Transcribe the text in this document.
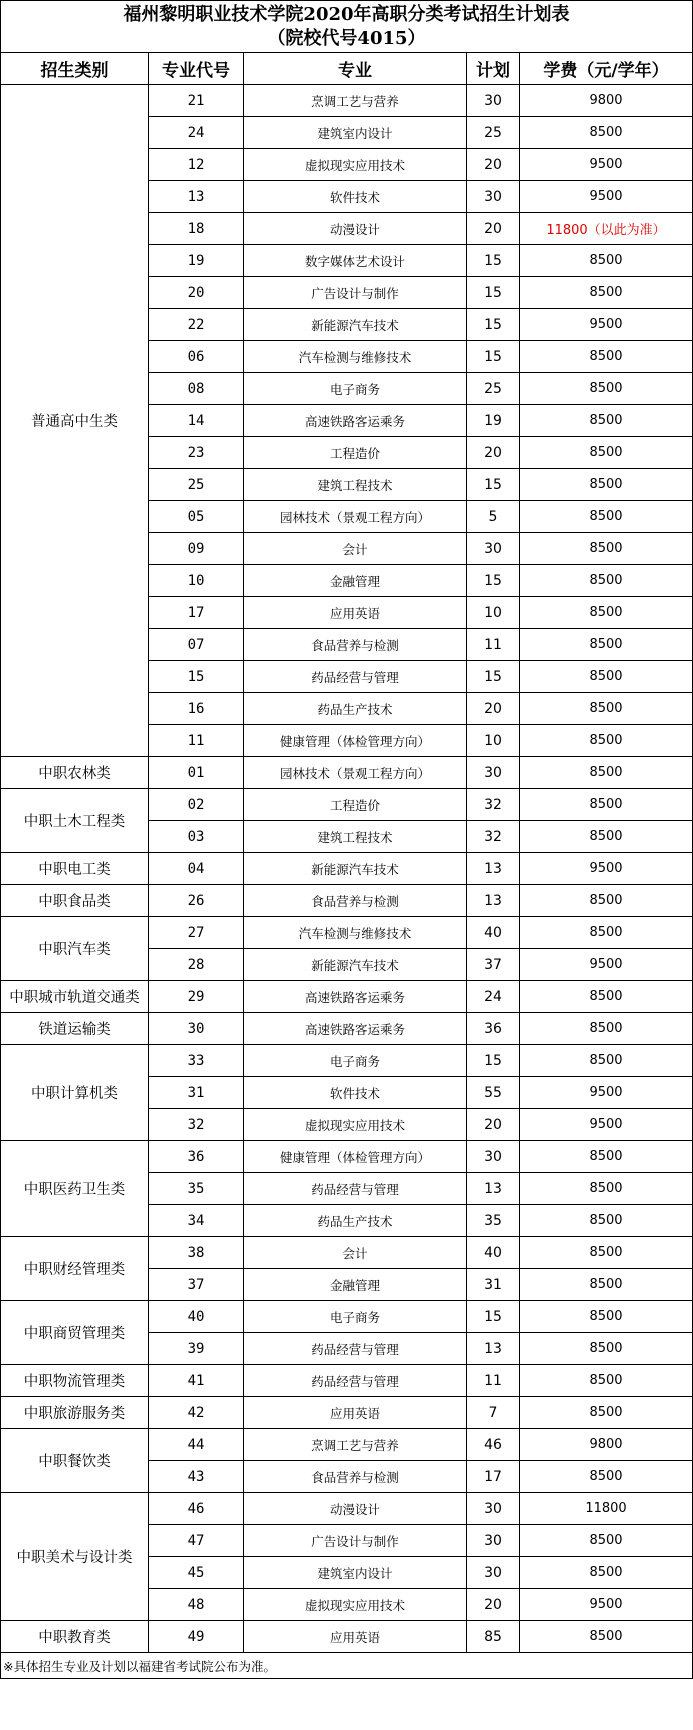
福州黎明职业技术学院2020年高职分类考试招生计划表
（院校代号4015）				

招生类别	专业代号	专业	计划	学费（元/学年）
普通高中生类	21	烹调工艺与营养	30	9800
	24	建筑室内设计	25	8500
	12	虚拟现实应用技术	20	9500
	13	软件技术	30	9500
	18	动漫设计	20	11800（以此为准）
	19	数字媒体艺术设计	15	8500
	20	广告设计与制作	15	8500
	22	新能源汽车技术	15	9500
	06	汽车检测与维修技术	15	8500
	08	电子商务	25	8500
	14	高速铁路客运乘务	19	8500
	23	工程造价	20	8500
	25	建筑工程技术	15	8500
	05	园林技术（景观工程方向）	5	8500
	09	会计	30	8500
	10	金融管理	15	8500
	17	应用英语	10	8500
	07	食品营养与检测	11	8500
	15	药品经营与管理	15	8500
	16	药品生产技术	20	8500
	11	健康管理（体检管理方向）	10	8500
中职农林类	01	园林技术（景观工程方向）	30	8500
中职土木工程类	02	工程造价	32	8500
	03	建筑工程技术	32	8500
中职电工类	04	新能源汽车技术	13	9500
中职食品类	26	食品营养与检测	13	8500
中职汽车类	27	汽车检测与维修技术	40	8500
	28	新能源汽车技术	37	9500
中职城市轨道交通类	29	高速铁路客运乘务	24	8500
铁道运输类	30	高速铁路客运乘务	36	8500
中职计算机类	33	电子商务	15	8500
	31	软件技术	55	9500
	32	虚拟现实应用技术	20	9500
中职医药卫生类	36	健康管理（体检管理方向）	30	8500
	35	药品经营与管理	13	8500
	34	药品生产技术	35	8500
中职财经管理类	38	会计	40	8500
	37	金融管理	31	8500
中职商贸管理类	40	电子商务	15	8500
	39	药品经营与管理	13	8500
中职物流管理类	41	药品经营与管理	11	8500
中职旅游服务类	42	应用英语	7	8500
中职餐饮类	44	烹调工艺与营养	46	9800
	43	食品营养与检测	17	8500
中职美术与设计类	46	动漫设计	30	11800
	47	广告设计与制作	30	8500
	45	建筑室内设计	30	8500
	48	虚拟现实应用技术	20	9500
中职教育类	49	应用英语	85	8500
※具体招生专业及计划以福建省考试院公布为准。				
